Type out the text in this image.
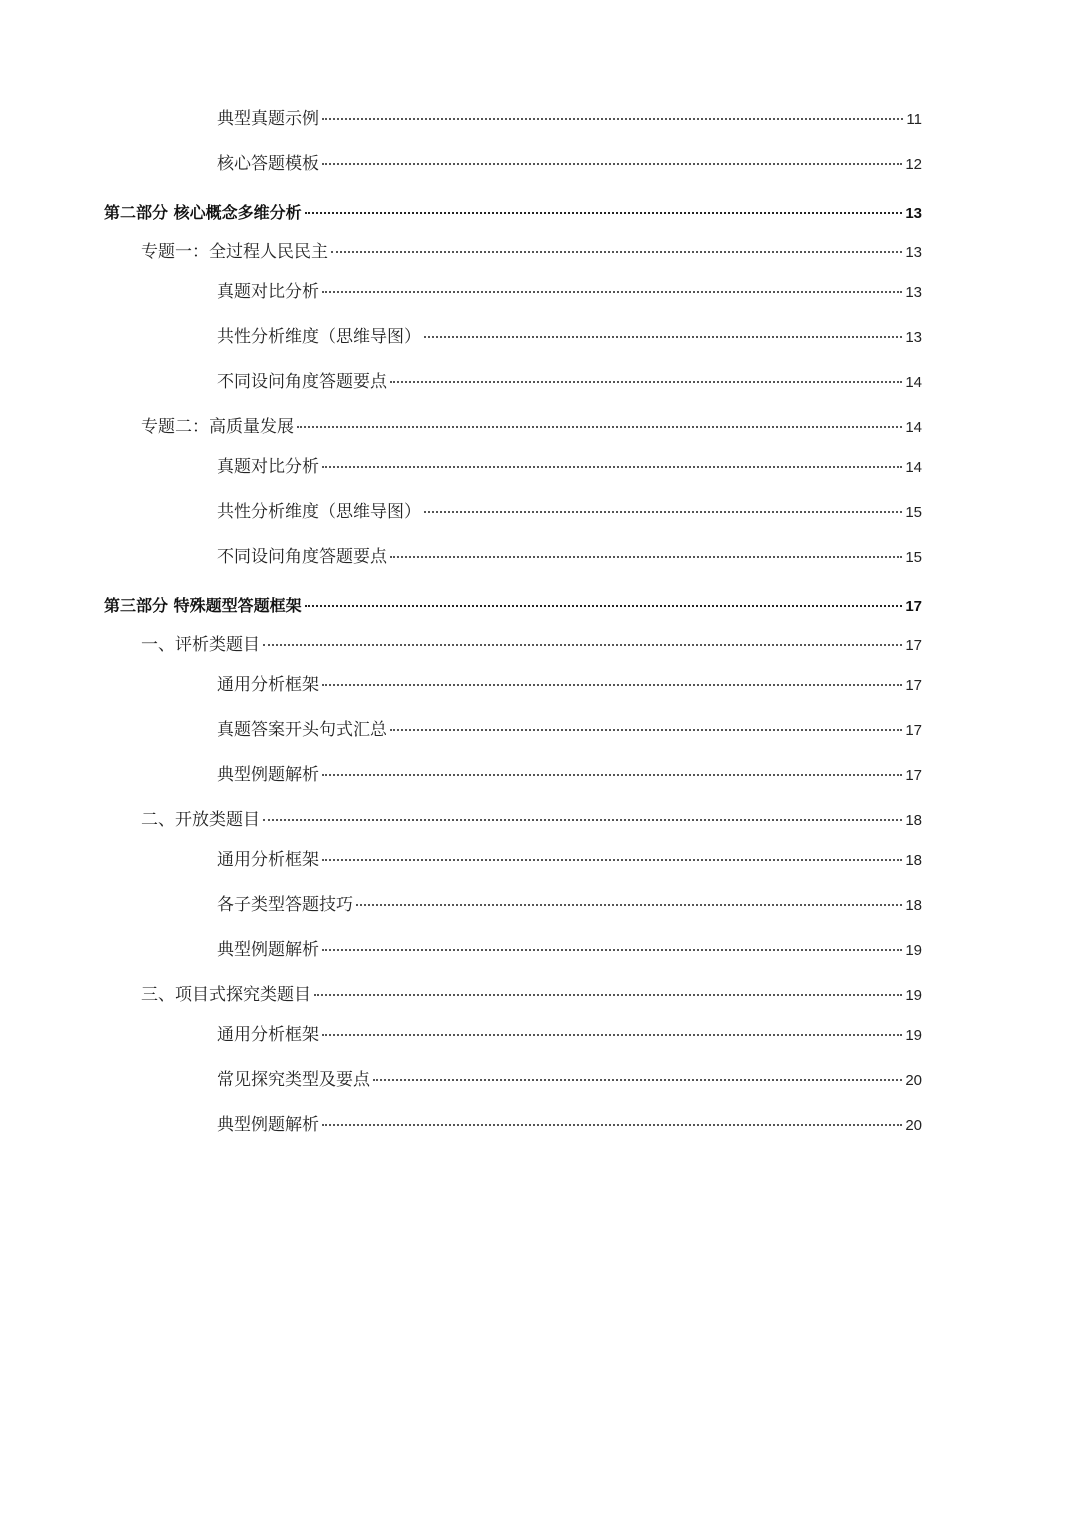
典型真题示例	11
核心答题模板	12
第二部分 核心概念多维分析	13
专题一：全过程人民民主	13
真题对比分析	13
共性分析维度（思维导图）	13
不同设问角度答题要点	14
专题二：高质量发展	14
真题对比分析	14
共性分析维度（思维导图）	15
不同设问角度答题要点	15
第三部分 特殊题型答题框架	17
一、评析类题目	17
通用分析框架	17
真题答案开头句式汇总	17
典型例题解析	17
二、开放类题目	18
通用分析框架	18
各子类型答题技巧	18
典型例题解析	19
三、项目式探究类题目	19
通用分析框架	19
常见探究类型及要点	20
典型例题解析	20
